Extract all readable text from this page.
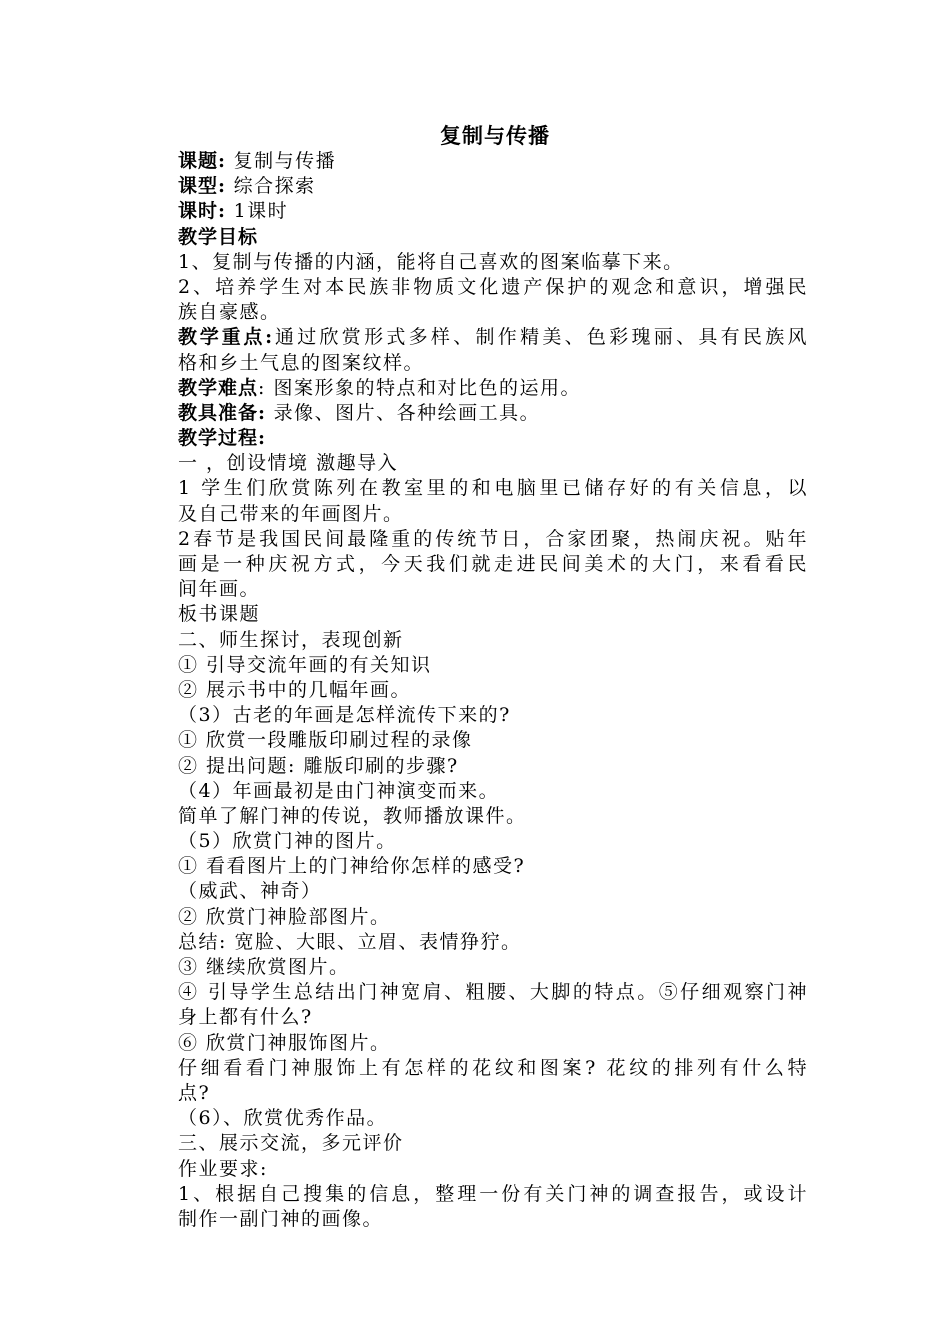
复制与传播
课题: 复制与传播
课型: 综合探索
课时: 1课时
教学目标
1、复制与传播的内涵，能将自己喜欢的图案临摹下来。
2、培养学生对本民族非物质文化遗产保护的观念和意识，增强民
族自豪感。
教学重点:通过欣赏形式多样、制作精美、色彩瑰丽、具有民族风
格和乡土气息的图案纹样。
教学难点: 图案形象的特点和对比色的运用。
教具准备: 录像、图片、各种绘画工具。
教学过程:
一 ，创设情境 激趣导入
1 学生们欣赏陈列在教室里的和电脑里已储存好的有关信息，以
及自己带来的年画图片。
2春节是我国民间最隆重的传统节日，合家团聚，热闹庆祝。贴年
画是一种庆祝方式，今天我们就走进民间美术的大门，来看看民
间年画。
板书课题
二、师生探讨，表现创新
① 引导交流年画的有关知识
② 展示书中的几幅年画。
（3）古老的年画是怎样流传下来的?
① 欣赏一段雕版印刷过程的录像
② 提出问题: 雕版印刷的步骤?
（4）年画最初是由门神演变而来。
简单了解门神的传说，教师播放课件。
（5）欣赏门神的图片。
① 看看图片上的门神给你怎样的感受?
（威武、神奇）
② 欣赏门神脸部图片。
总结: 宽脸、大眼、立眉、表情狰狞。
③ 继续欣赏图片。
④ 引导学生总结出门神宽肩、粗腰、大脚的特点。⑤仔细观察门神
身上都有什么?
⑥ 欣赏门神服饰图片。
仔细看看门神服饰上有怎样的花纹和图案? 花纹的排列有什么特
点?
（6）、欣赏优秀作品。
三、展示交流，多元评价
作业要求:
1、根据自己搜集的信息，整理一份有关门神的调查报告，或设计
制作一副门神的画像。
